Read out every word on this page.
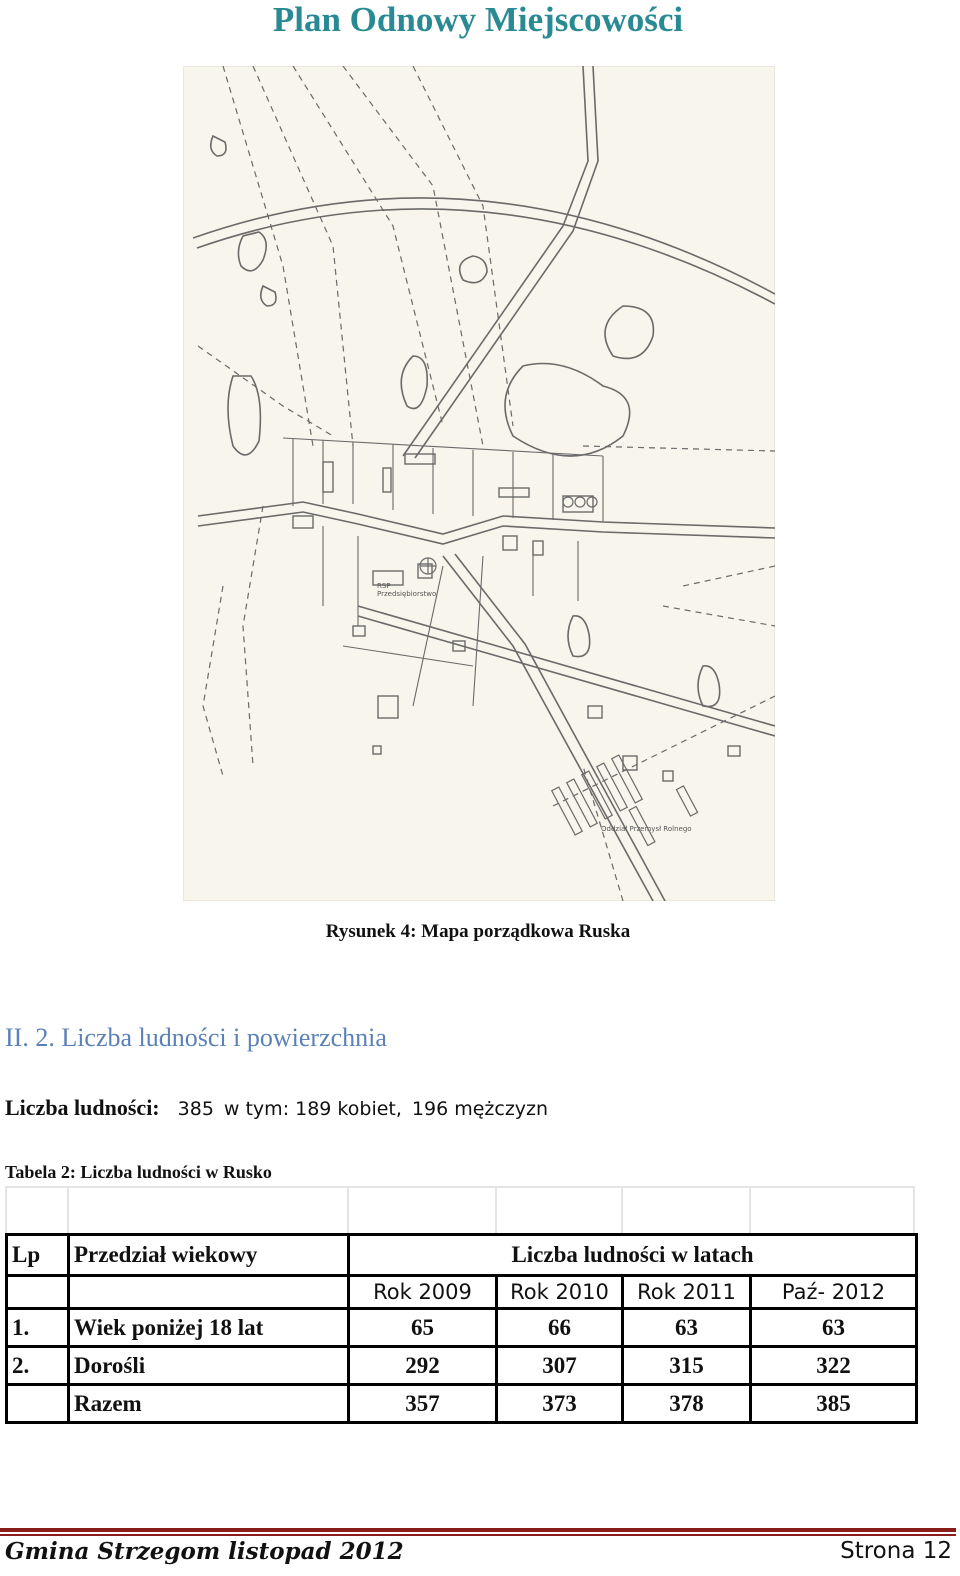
Plan Odnowy Miejscowości
RSP
Przedsiębiorstwo
Oddział Przemysł Rolnego
Rysunek 4: Mapa porządkowa Ruska
II. 2. Liczba ludności i powierzchnia
Liczba ludności: 385 w tym: 189 kobiet, 196 mężczyzn
Tabela 2: Liczba ludności w Rusko
Lp	Przedział wiekowy	Liczba ludności w latach			
		Rok 2009	Rok 2010	Rok 2011	Paź- 2012
1.	Wiek poniżej 18 lat	65	66	63	63
2.	Dorośli	292	307	315	322
	Razem	357	373	378	385
Gmina Strzegom listopad 2012	Strona 12
